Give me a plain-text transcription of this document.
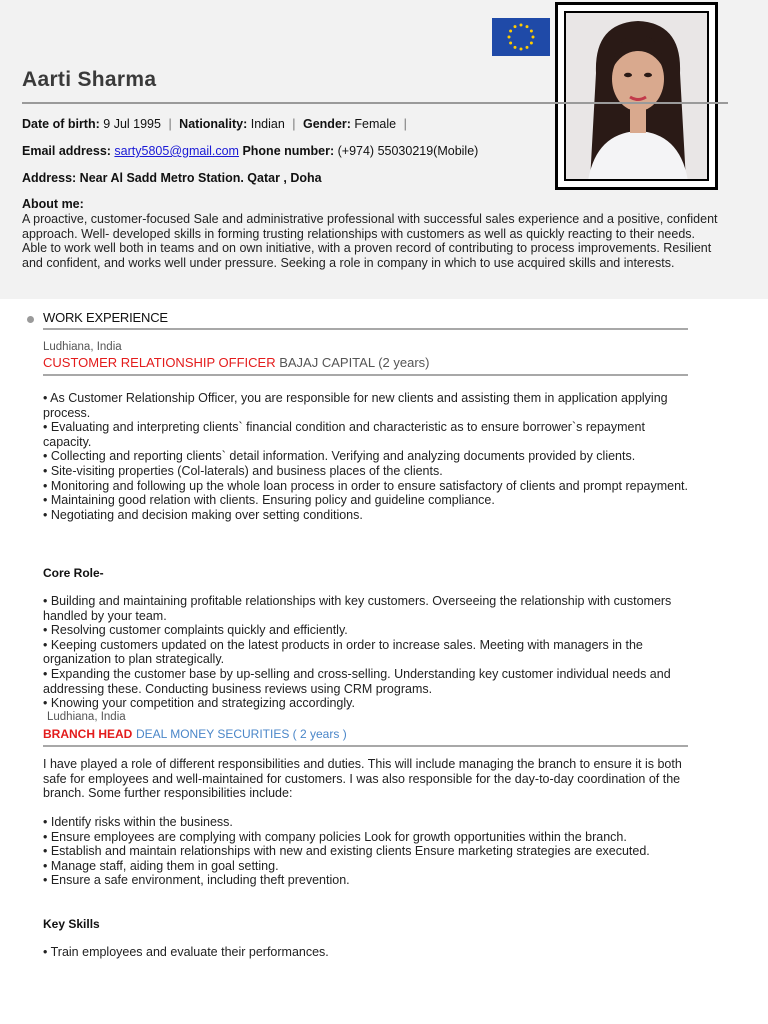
Aarti Sharma
Date of birth: 9 Jul 1995 | Nationality: Indian | Gender: Female |
Email address: sarty5805@gmail.com Phone number: (+974) 55030219(Mobile)
Address: Near Al Sadd Metro Station. Qatar , Doha
About me:

A proactive, customer-focused Sale and administrative professional with successful sales experience and a positive, confident approach. Well- developed skills in forming trusting relationships with customers as well as quickly reacting to their needs. Able to work well both in teams and on own initiative, with a proven record of contributing to process improvements. Resilient and confident, and works well under pressure. Seeking a role in company in which to use acquired skills and interests.

WORK EXPERIENCE
Ludhiana, India
CUSTOMER RELATIONSHIP OFFICER BAJAJ CAPITAL (2 years)
• As Customer Relationship Officer, you are responsible for new clients and assisting them in application applying process.
• Evaluating and interpreting clients` financial condition and characteristic as to ensure borrower`s repayment capacity.
• Collecting and reporting clients` detail information. Verifying and analyzing documents provided by clients.
• Site-visiting properties (Col-laterals) and business places of the clients.
• Monitoring and following up the whole loan process in order to ensure satisfactory of clients and prompt repayment.
• Maintaining good relation with clients. Ensuring policy and guideline compliance.
• Negotiating and decision making over setting conditions.
Core Role-
• Building and maintaining profitable relationships with key customers. Overseeing the relationship with customers handled by your team.
• Resolving customer complaints quickly and efficiently.
• Keeping customers updated on the latest products in order to increase sales. Meeting with managers in the organization to plan strategically.
• Expanding the customer base by up-selling and cross-selling. Understanding key customer individual needs and addressing these. Conducting business reviews using CRM programs.
• Knowing your competition and strategizing accordingly.
Ludhiana, India
BRANCH HEAD DEAL MONEY SECURITIES ( 2 years )

I have played a role of different responsibilities and duties. This will include managing the branch to ensure it is both safe for employees and well-maintained for customers. I was also responsible for the day-to-day coordination of the branch. Some further responsibilities include:

• Identify risks within the business.
• Ensure employees are complying with company policies Look for growth opportunities within the branch.
• Establish and maintain relationships with new and existing clients Ensure marketing strategies are executed.
• Manage staff, aiding them in goal setting.
• Ensure a safe environment, including theft prevention.
Key Skills
• Train employees and evaluate their performances.
